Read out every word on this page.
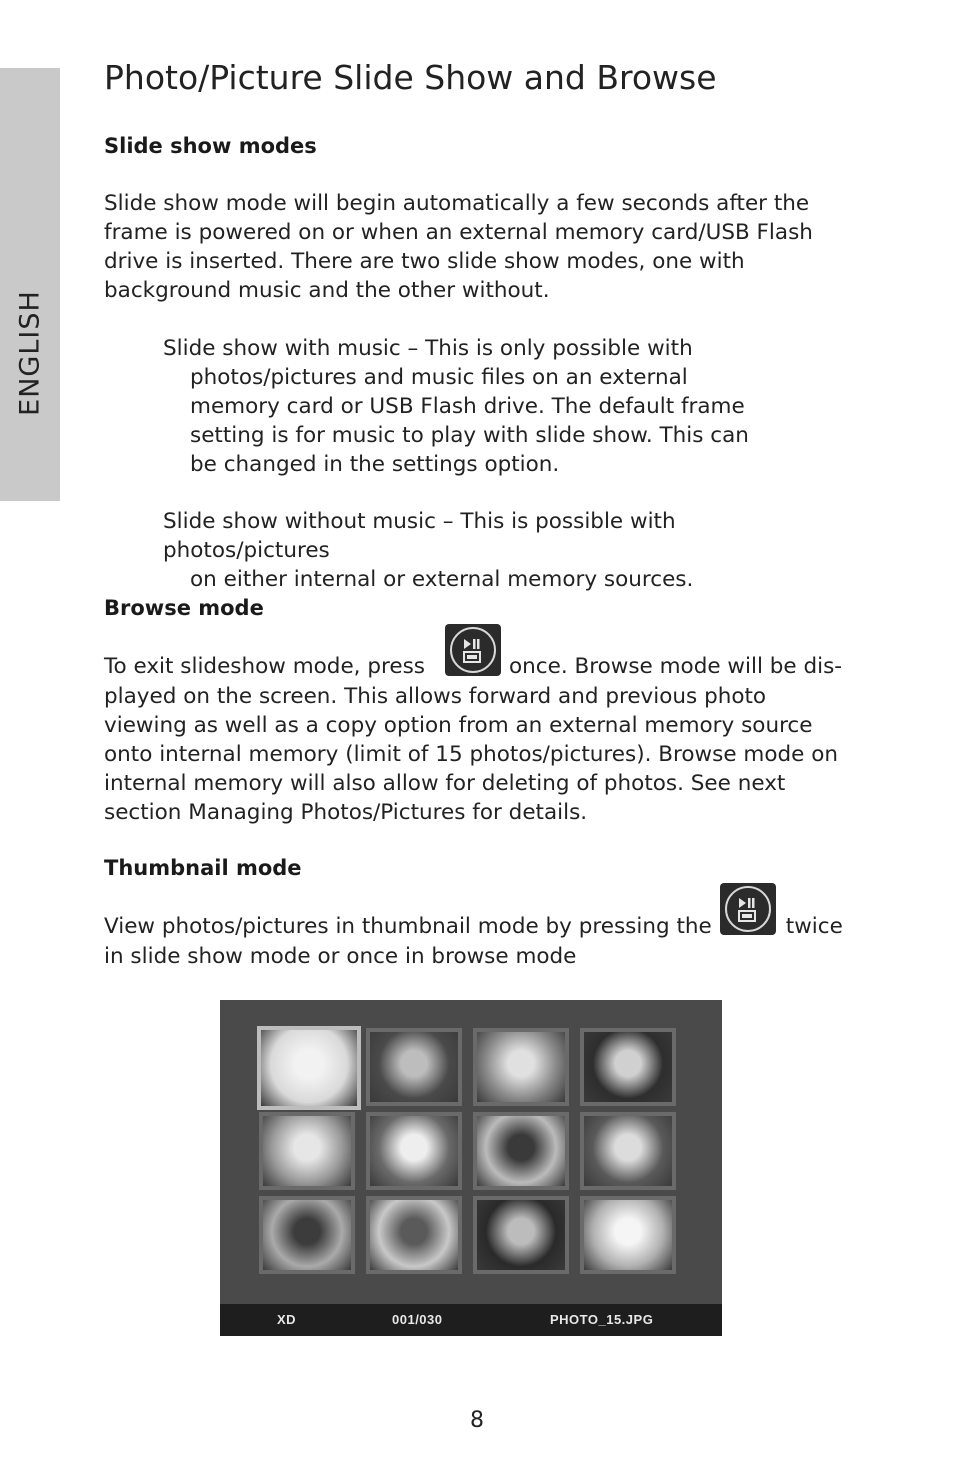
ENGLISH
Photo/Picture Slide Show and Browse
Slide show modes

Slide show mode will begin automatically a few seconds after the
frame is powered on or when an external memory card/USB Flash
drive is inserted. There are two slide show modes, one with
background music and the other without.

Slide show with music – This is only possible with
photos/pictures and music files on an external
memory card or USB Flash drive. The default frame
setting is for music to play with slide show. This can
be changed in the settings option.

Slide show without music – This is possible with photos/pictures
on either internal or external memory sources.

Browse mode

To exit slideshow mode, press	once. Browse mode will be dis-
played on the screen. This allows forward and previous photo
viewing as well as a copy option from an external memory source
onto internal memory (limit of 15 photos/pictures). Browse mode on
internal memory will also allow for deleting of photos. See next
section Managing Photos/Pictures for details.

Thumbnail mode

View photos/pictures in thumbnail mode by pressing the	twice
in slide show mode or once in browse mode

XD	001/030	PHOTO_15.JPG
8
